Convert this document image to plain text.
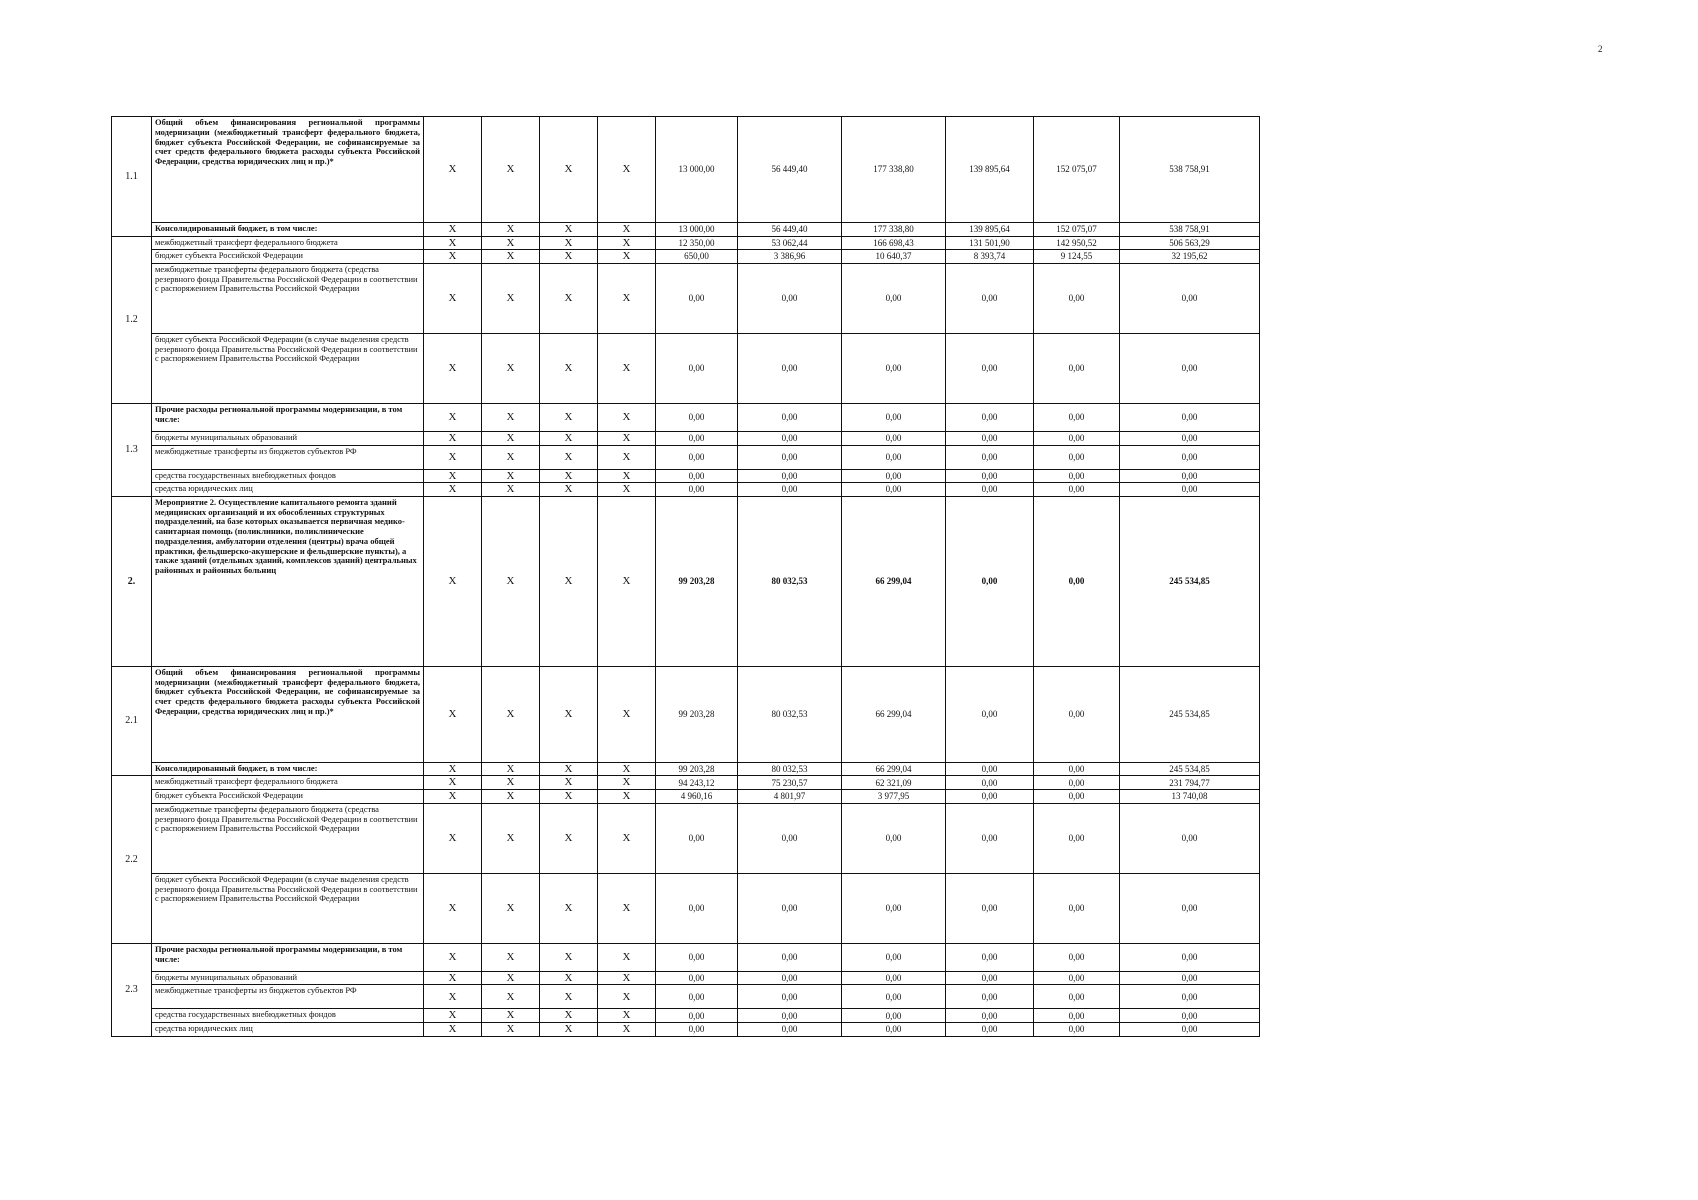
2
1.1	Общий объем финансирования региональной программы модернизации (межбюджетный трансферт федерального бюджета, бюджет субъекта Российской Федерации, не софинансируемые за счет средств федерального бюджета расходы субъекта Российской Федерации, средства юридических лиц и пр.)*	X	X	X	X	13 000,00	56 449,40	177 338,80	139 895,64	152 075,07	538 758,91
	Консолидированный бюджет, в том числе:	X	X	X	X	13 000,00	56 449,40	177 338,80	139 895,64	152 075,07	538 758,91
1.2	межбюджетный трансферт федерального бюджета	X	X	X	X	12 350,00	53 062,44	166 698,43	131 501,90	142 950,52	506 563,29
	бюджет субъекта Российской Федерации	X	X	X	X	650,00	3 386,96	10 640,37	8 393,74	9 124,55	32 195,62
	межбюджетные трансферты федерального бюджета (средства резервного фонда Правительства Российской Федерации в соответствии с распоряжением Правительства Российской Федерации	X	X	X	X	0,00	0,00	0,00	0,00	0,00	0,00
	бюджет субъекта Российской Федерации (в случае выделения средств резервного фонда Правительства Российской Федерации в соответствии с распоряжением Правительства Российской Федерации	X	X	X	X	0,00	0,00	0,00	0,00	0,00	0,00
1.3	Прочие расходы региональной программы модернизации, в том числе:	X	X	X	X	0,00	0,00	0,00	0,00	0,00	0,00
	бюджеты муниципальных образований	X	X	X	X	0,00	0,00	0,00	0,00	0,00	0,00
	межбюджетные трансферты из бюджетов субъектов РФ	X	X	X	X	0,00	0,00	0,00	0,00	0,00	0,00
	средства государственных внебюджетных фондов	X	X	X	X	0,00	0,00	0,00	0,00	0,00	0,00
	средства юридических лиц	X	X	X	X	0,00	0,00	0,00	0,00	0,00	0,00
2.	Мероприятие 2. Осуществление капитального ремонта зданий медицинских организаций и их обособленных структурных подразделений, на базе которых оказывается первичная медико-санитарная помощь (поликлиники, поликлинические подразделения, амбулатории отделения (центры) врача общей практики, фельдшерско-акушерские и фельдшерские пункты), а также зданий (отдельных зданий, комплексов зданий) центральных районных и районных больниц	X	X	X	X	99 203,28	80 032,53	66 299,04	0,00	0,00	245 534,85
2.1	Общий объем финансирования региональной программы модернизации (межбюджетный трансферт федерального бюджета, бюджет субъекта Российской Федерации, не софинансируемые за счет средств федерального бюджета расходы субъекта Российской Федерации, средства юридических лиц и пр.)*	X	X	X	X	99 203,28	80 032,53	66 299,04	0,00	0,00	245 534,85
	Консолидированный бюджет, в том числе:	X	X	X	X	99 203,28	80 032,53	66 299,04	0,00	0,00	245 534,85
2.2	межбюджетный трансферт федерального бюджета	X	X	X	X	94 243,12	75 230,57	62 321,09	0,00	0,00	231 794,77
	бюджет субъекта Российской Федерации	X	X	X	X	4 960,16	4 801,97	3 977,95	0,00	0,00	13 740,08
	межбюджетные трансферты федерального бюджета (средства резервного фонда Правительства Российской Федерации в соответствии с распоряжением Правительства Российской Федерации	X	X	X	X	0,00	0,00	0,00	0,00	0,00	0,00
	бюджет субъекта Российской Федерации (в случае выделения средств резервного фонда Правительства Российской Федерации в соответствии с распоряжением Правительства Российской Федерации	X	X	X	X	0,00	0,00	0,00	0,00	0,00	0,00
2.3	Прочие расходы региональной программы модернизации, в том числе:	X	X	X	X	0,00	0,00	0,00	0,00	0,00	0,00
	бюджеты муниципальных образований	X	X	X	X	0,00	0,00	0,00	0,00	0,00	0,00
	межбюджетные трансферты из бюджетов субъектов РФ	X	X	X	X	0,00	0,00	0,00	0,00	0,00	0,00
	средства государственных внебюджетных фондов	X	X	X	X	0,00	0,00	0,00	0,00	0,00	0,00
	средства юридических лиц	X	X	X	X	0,00	0,00	0,00	0,00	0,00	0,00
